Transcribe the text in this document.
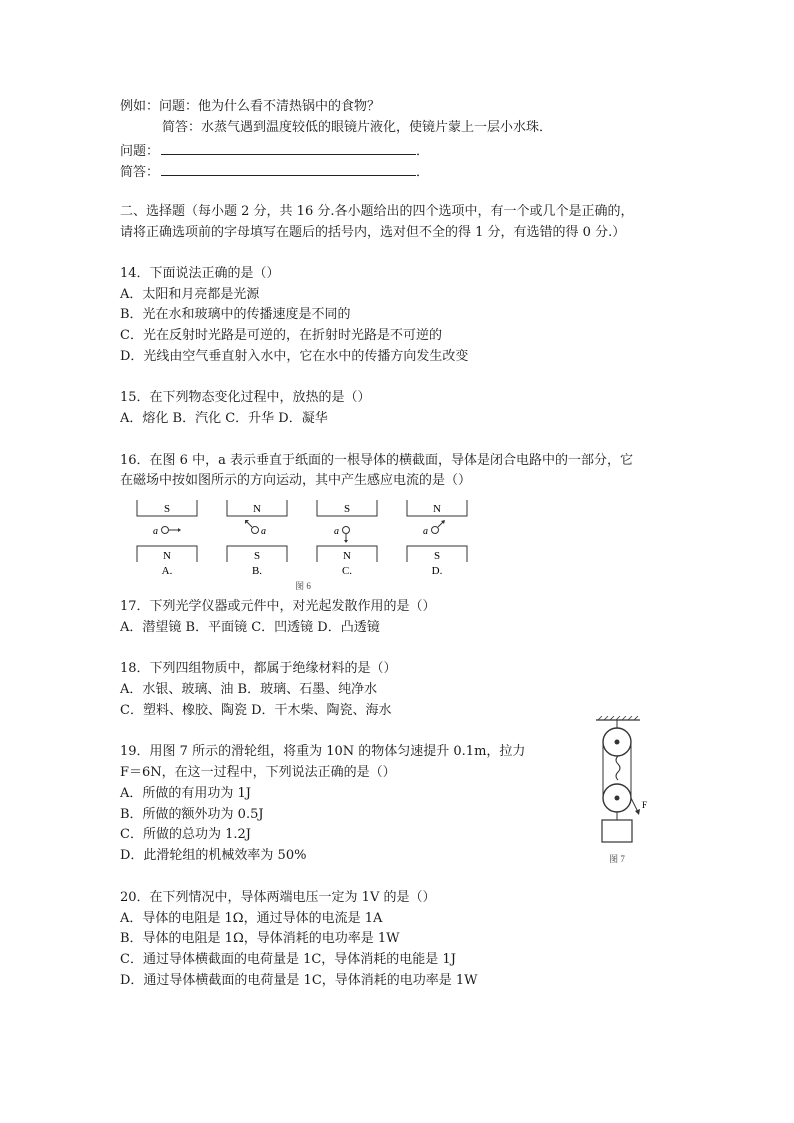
例如：问题：他为什么看不清热锅中的食物？
简答：水蒸气遇到温度较低的眼镜片液化，使镜片蒙上一层小水珠．
问题：	．
简答：	．
二、选择题（每小题 2 分，共 16 分.各小题给出的四个选项中，有一个或几个是正确的，
请将正确选项前的字母填写在题后的括号内，选对但不全的得 1 分，有选错的得 0 分.）
14．下面说法正确的是（）
A．太阳和月亮都是光源
B．光在水和玻璃中的传播速度是不同的
C．光在反射时光路是可逆的，在折射时光路是不可逆的
D．光线由空气垂直射入水中，它在水中的传播方向发生改变
15．在下列物态变化过程中，放热的是（）
A．熔化 B．汽化 C．升华 D．凝华
16．在图 6 中，a 表示垂直于纸面的一根导体的横截面，导体是闭合电路中的一部分，它
在磁场中按如图所示的方向运动，其中产生感应电流的是（）
S
a
N
A.
N
a
S
B.
S
a
N
C.
N
a
S
D.
图 6
17．下列光学仪器或元件中，对光起发散作用的是（）
A．潜望镜 B．平面镜 C．凹透镜 D．凸透镜
18．下列四组物质中，都属于绝缘材料的是（）
A．水银、玻璃、油 B．玻璃、石墨、纯净水
C．塑料、橡胶、陶瓷 D．干木柴、陶瓷、海水
19．用图 7 所示的滑轮组，将重为 10N 的物体匀速提升 0.1m，拉力
F＝6N，在这一过程中，下列说法正确的是（）
A．所做的有用功为 1J
B．所做的额外功为 0.5J
C．所做的总功为 1.2J
D．此滑轮组的机械效率为 50%
F
图 7
20．在下列情况中，导体两端电压一定为 1V 的是（）
A．导体的电阻是 1Ω，通过导体的电流是 1A
B．导体的电阻是 1Ω，导体消耗的电功率是 1W
C．通过导体横截面的电荷量是 1C，导体消耗的电能是 1J
D．通过导体横截面的电荷量是 1C，导体消耗的电功率是 1W
